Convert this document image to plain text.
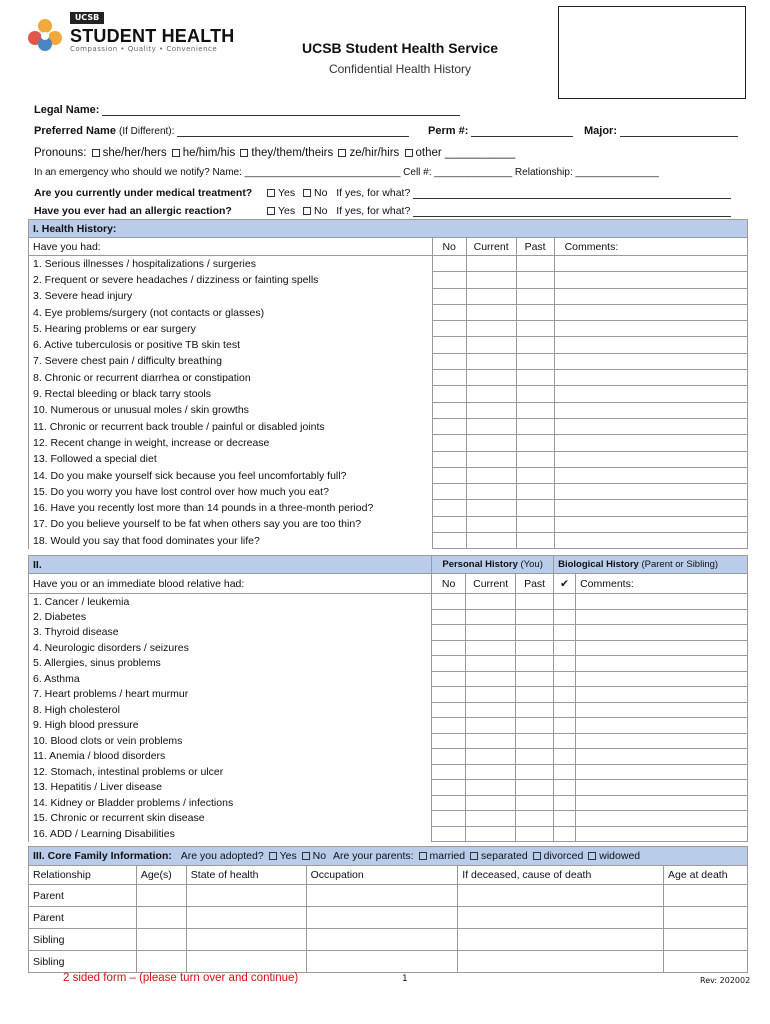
UCSB
STUDENT HEALTH
Compassion • Quality • Convenience	UCSB Student Health Service
Confidential Health History
Legal Name:
Preferred Name (If Different):	Perm #:	Major:
Pronouns: she/her/hers he/him/his they/them/theirs ze/hir/hirs other ___________
In an emergency who should we notify? Name: ____________________________ Cell #: ______________ Relationship: _______________
Are you currently under medical treatment?	Yes No If yes, for what?
Have you ever had an allergic reaction?	Yes No If yes, for what?
I. Health History:				
Have you had:	No	Current	Past	Comments:
1. Serious illnesses / hospitalizations / surgeries				
2. Frequent or severe headaches / dizziness or fainting spells				
3. Severe head injury				
4. Eye problems/surgery (not contacts or glasses)				
5. Hearing problems or ear surgery				
6. Active tuberculosis or positive TB skin test				
7. Severe chest pain / difficulty breathing				
8. Chronic or recurrent diarrhea or constipation				
9. Rectal bleeding or black tarry stools				
10. Numerous or unusual moles / skin growths				
11. Chronic or recurrent back trouble / painful or disabled joints				
12. Recent change in weight, increase or decrease				
13. Followed a special diet				
14. Do you make yourself sick because you feel uncomfortably full?				
15. Do you worry you have lost control over how much you eat?				
16. Have you recently lost more than 14 pounds in a three-month period?				
17. Do you believe yourself to be fat when others say you are too thin?				
18. Would you say that food dominates your life?				
II.	Personal History (You)			Biological History (Parent or Sibling)	
Have you or an immediate blood relative had:	No	Current	Past	✔	Comments:
1. Cancer / leukemia					
2. Diabetes					
3. Thyroid disease					
4. Neurologic disorders / seizures					
5. Allergies, sinus problems					
6. Asthma					
7. Heart problems / heart murmur					
8. High cholesterol					
9. High blood pressure					
10. Blood clots or vein problems					
11. Anemia / blood disorders					
12. Stomach, intestinal problems or ulcer					
13. Hepatitis / Liver disease					
14. Kidney or Bladder problems / infections					
15. Chronic or recurrent skin disease					
16. ADD / Learning Disabilities					
III. Core Family Information: Are you adopted? Yes No Are your parents: married separated divorced widowed					
Relationship	Age(s)	State of health	Occupation	If deceased, cause of death	Age at death
Parent					
Parent					
Sibling					
Sibling					
2 sided form – (please turn over and continue)	1	Rev: 202002
